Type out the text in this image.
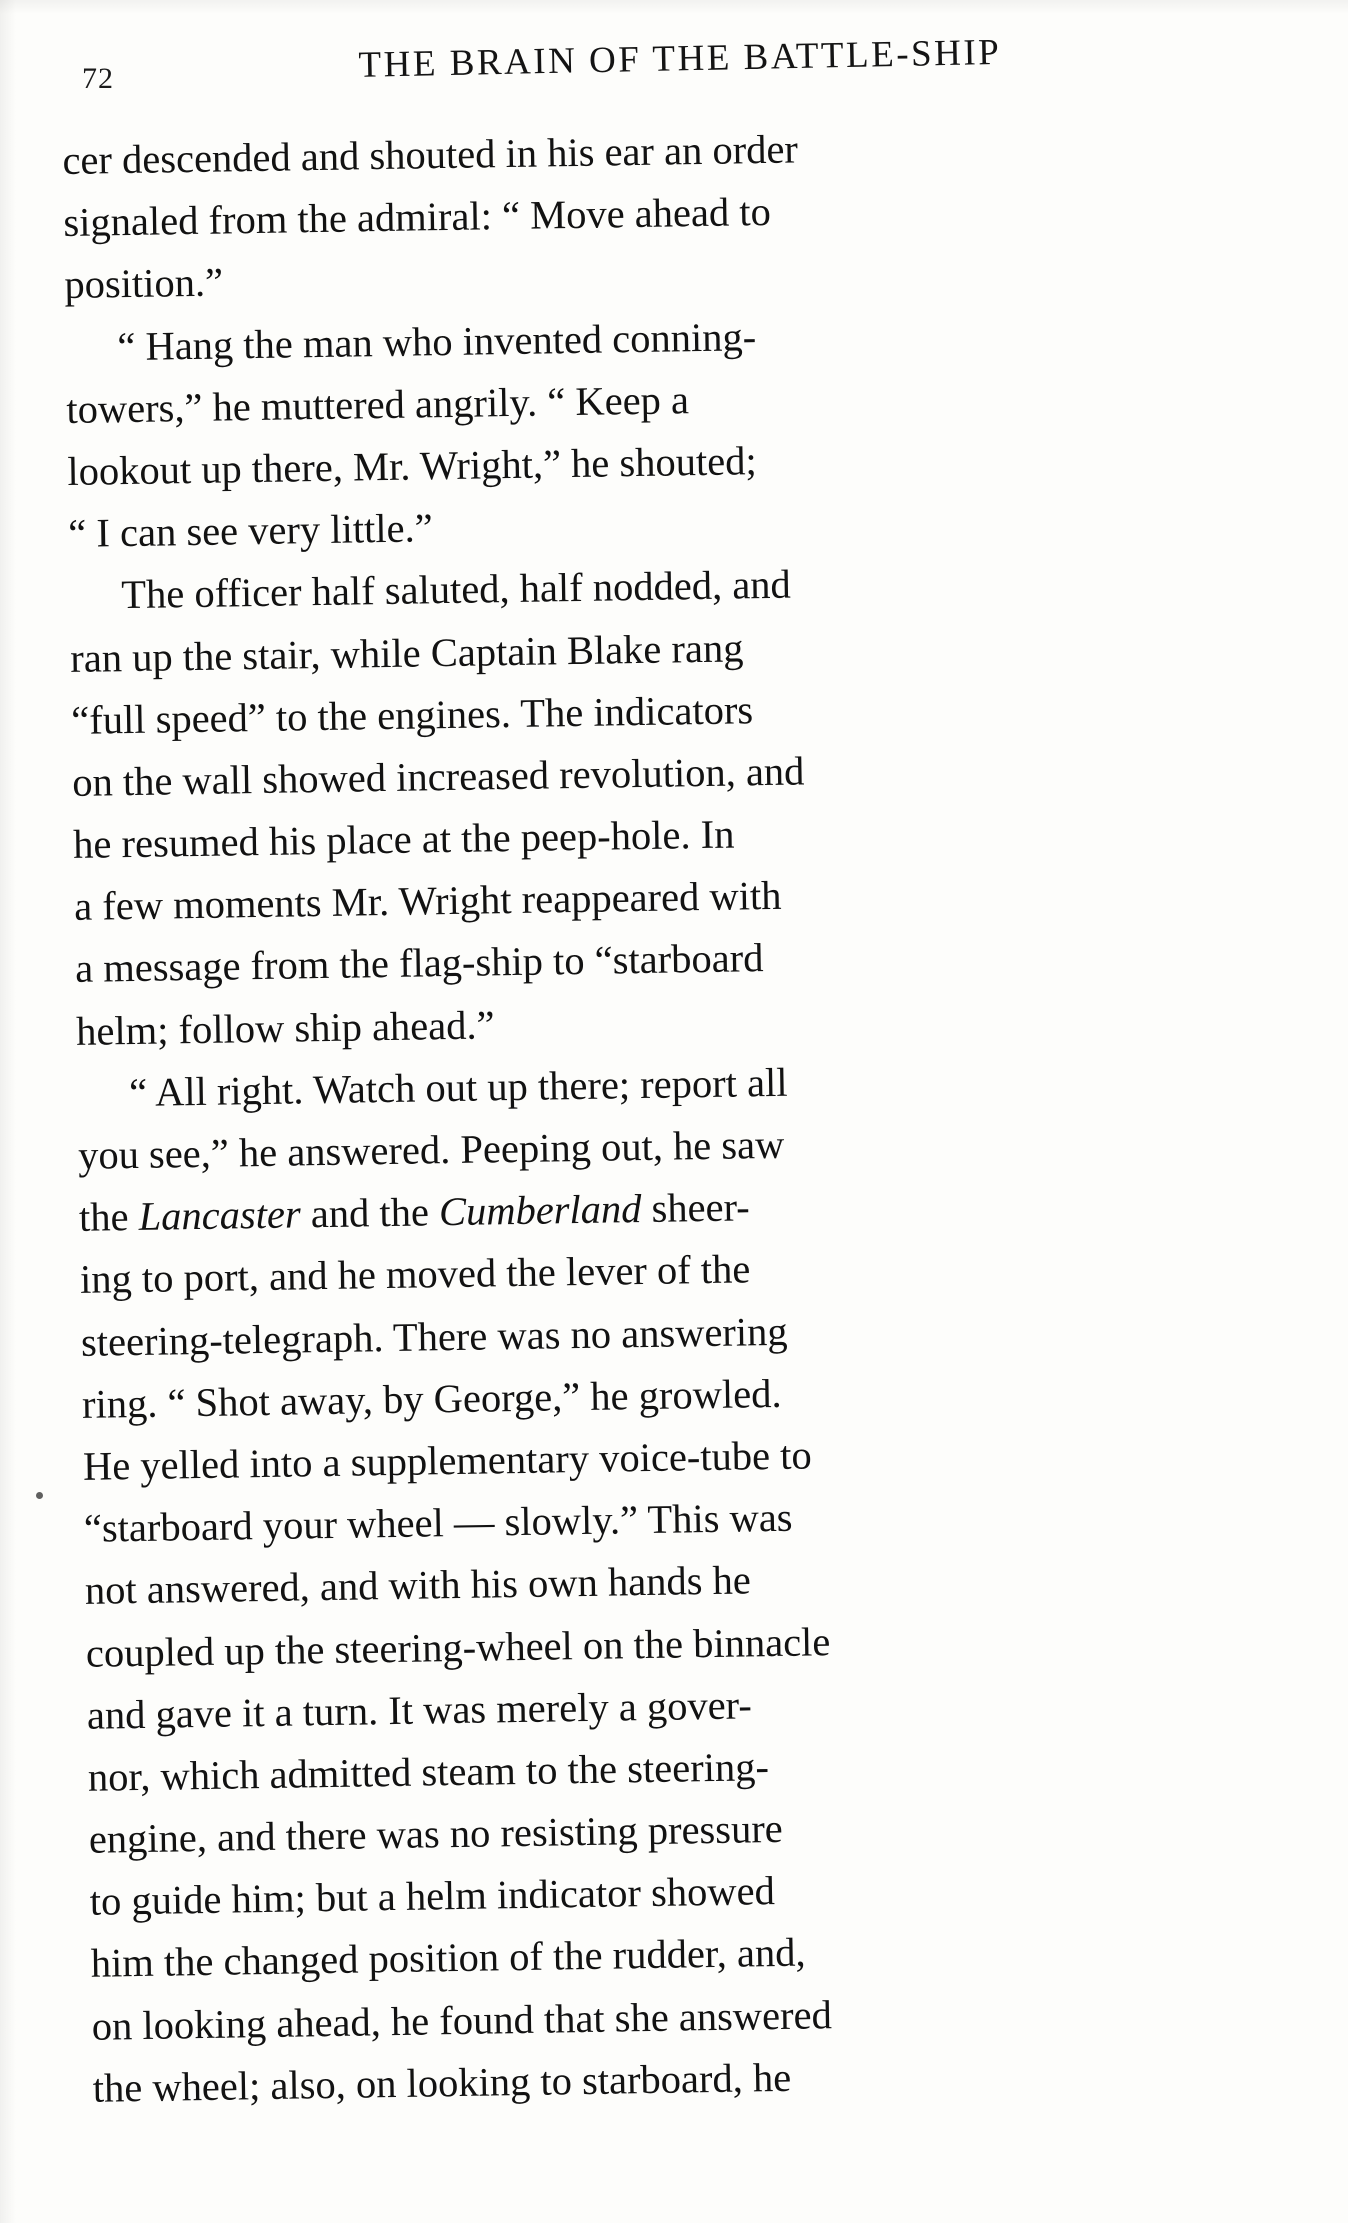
72	THE BRAIN OF THE BATTLE-SHIP
cer descended and shouted in his ear an order
signaled from the admiral: “ Move ahead to
position.”
“ Hang the man who invented conning-
towers,” he muttered angrily. “ Keep a
lookout up there, Mr. Wright,” he shouted;
“ I can see very little.”
The officer half saluted, half nodded, and
ran up the stair, while Captain Blake rang
“full speed” to the engines. The indicators
on the wall showed increased revolution, and
he resumed his place at the peep-hole. In
a few moments Mr. Wright reappeared with
a message from the flag-ship to “starboard
helm; follow ship ahead.”
“ All right. Watch out up there; report all
you see,” he answered. Peeping out, he saw
the Lancaster and the Cumberland sheer-
ing to port, and he moved the lever of the
steering-telegraph. There was no answering
ring. “ Shot away, by George,” he growled.
He yelled into a supplementary voice-tube to
“starboard your wheel — slowly.” This was
not answered, and with his own hands he
coupled up the steering-wheel on the binnacle
and gave it a turn. It was merely a gover-
nor, which admitted steam to the steering-
engine, and there was no resisting pressure
to guide him; but a helm indicator showed
him the changed position of the rudder, and,
on looking ahead, he found that she answered
the wheel; also, on looking to starboard, he
